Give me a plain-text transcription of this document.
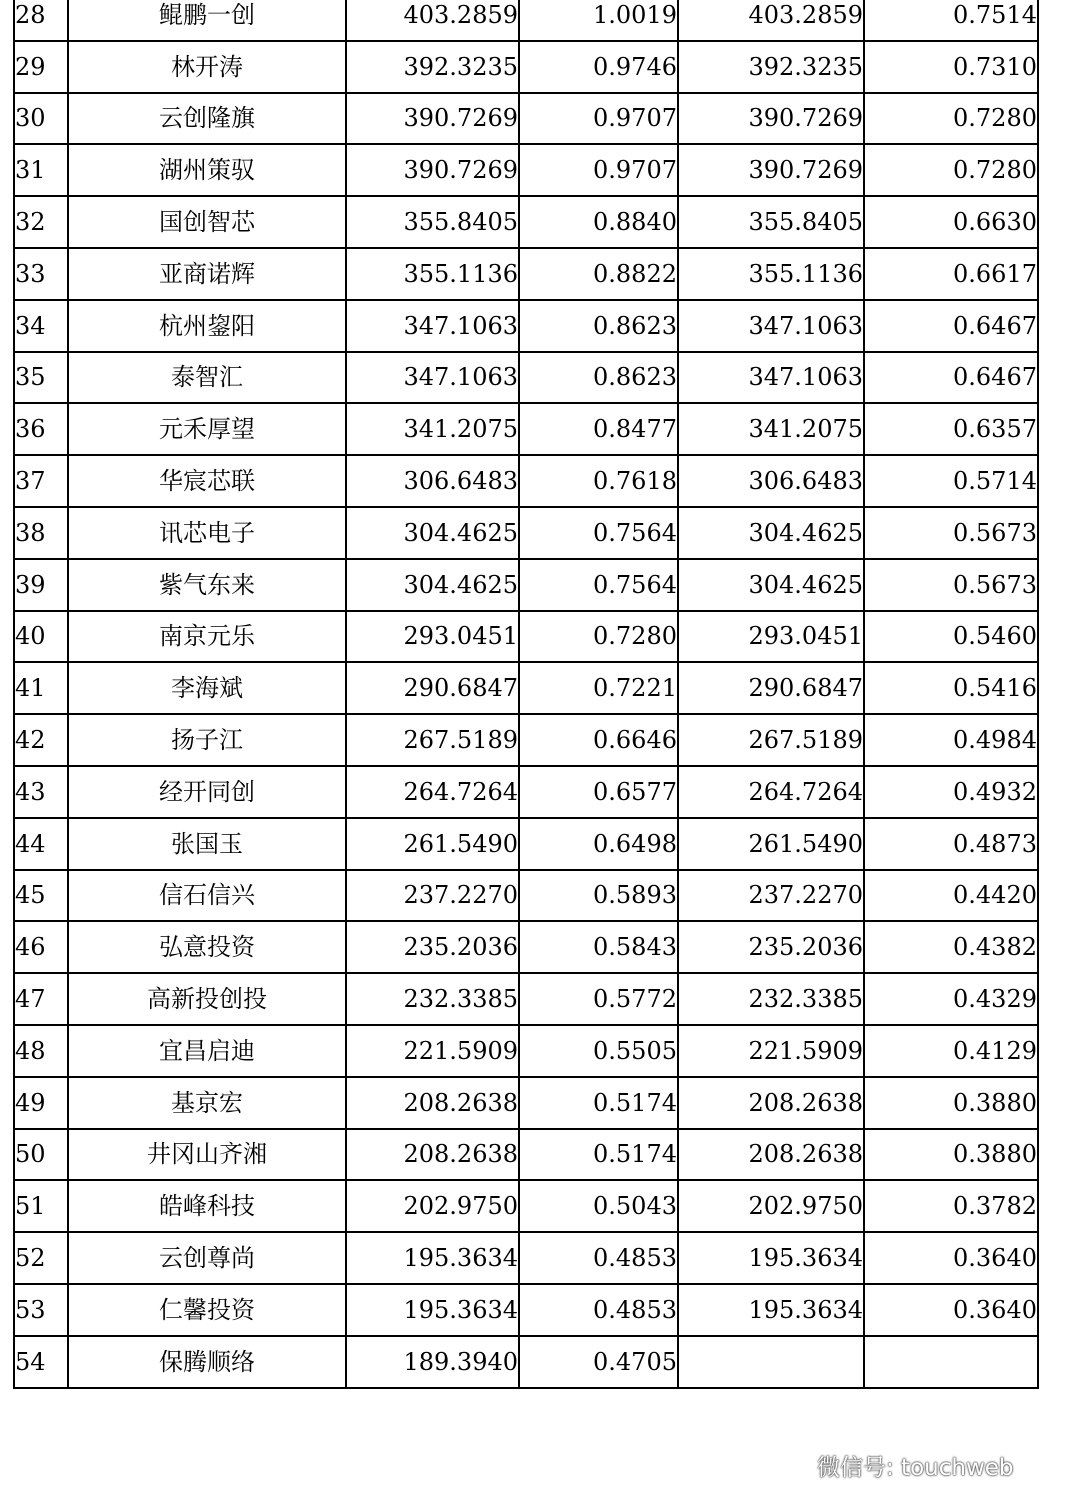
28	鲲鹏一创	403.2859	1.0019	403.2859	0.7514
29	林开涛	392.3235	0.9746	392.3235	0.7310
30	云创隆旗	390.7269	0.9707	390.7269	0.7280
31	湖州策驭	390.7269	0.9707	390.7269	0.7280
32	国创智芯	355.8405	0.8840	355.8405	0.6630
33	亚商诺辉	355.1136	0.8822	355.1136	0.6617
34	杭州鋆阳	347.1063	0.8623	347.1063	0.6467
35	泰智汇	347.1063	0.8623	347.1063	0.6467
36	元禾厚望	341.2075	0.8477	341.2075	0.6357
37	华宸芯联	306.6483	0.7618	306.6483	0.5714
38	讯芯电子	304.4625	0.7564	304.4625	0.5673
39	紫气东来	304.4625	0.7564	304.4625	0.5673
40	南京元乐	293.0451	0.7280	293.0451	0.5460
41	李海斌	290.6847	0.7221	290.6847	0.5416
42	扬子江	267.5189	0.6646	267.5189	0.4984
43	经开同创	264.7264	0.6577	264.7264	0.4932
44	张国玉	261.5490	0.6498	261.5490	0.4873
45	信石信兴	237.2270	0.5893	237.2270	0.4420
46	弘意投资	235.2036	0.5843	235.2036	0.4382
47	高新投创投	232.3385	0.5772	232.3385	0.4329
48	宜昌启迪	221.5909	0.5505	221.5909	0.4129
49	基京宏	208.2638	0.5174	208.2638	0.3880
50	井冈山齐湘	208.2638	0.5174	208.2638	0.3880
51	皓峰科技	202.9750	0.5043	202.9750	0.3782
52	云创尊尚	195.3634	0.4853	195.3634	0.3640
53	仁馨投资	195.3634	0.4853	195.3634	0.3640
54	保腾顺络	189.3940	0.4705		
微信号: touchweb
